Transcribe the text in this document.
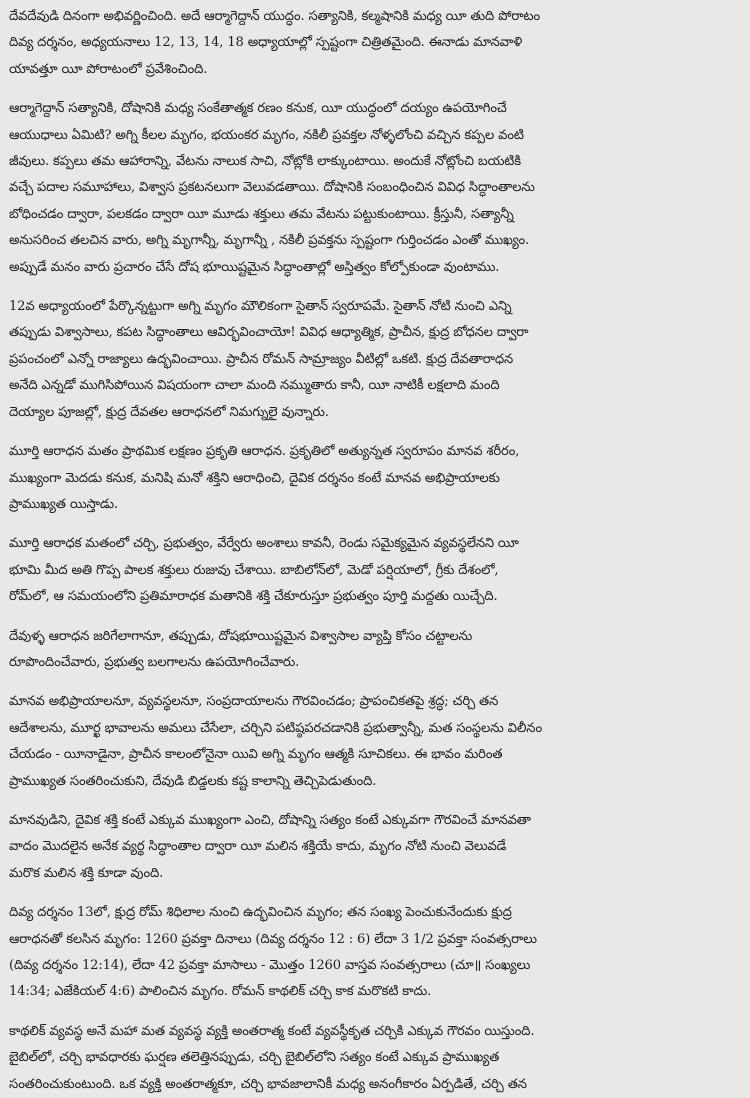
దేవదేవుడి దినంగా అభివర్ణించింది. అదే ఆర్మాగెద్దాన్ యుద్ధం. సత్యానికి, కల్మషానికి మధ్య యీ తుది పోరాటం
దివ్య దర్శనం, అధ్యయనాలు 12, 13, 14, 18 అధ్యాయాల్లో స్పష్టంగా చిత్రితమైంది. ఈనాడు మానవాళి
యావత్తూ యీ పోరాటంలో ప్రవేశించింది.

ఆర్మాగెద్దాన్ సత్యానికి, దోషానికి మధ్య సంకేతాత్మక రణం కనుక, యీ యుద్ధంలో దయ్యం ఉపయోగించే
ఆయుధాలు ఏమిటి? అగ్ని కీలల మృగం, భయంకర మృగం, నకిలీ ప్రవక్తల నోళ్ళలోంచి వచ్చిన కప్పల వంటి
జీవులు. కప్పలు తమ ఆహారాన్ని, వేటను నాలుక సాచి, నోట్లోకి లాక్కుంటాయి. అందుకే నోట్లోంచి బయటికి
వచ్చే పదాల సమూహాలు, విశ్వాస ప్రకటనలుగా వెలువడతాయి. దోషానికి సంబంధించిన వివిధ సిద్ధాంతాలను
బోధించడం ద్వారా, పలకడం ద్వారా యీ మూడు శక్తులు తమ వేటను పట్టుకుంటాయి. క్రీస్తునీ, సత్యాన్నీ
అనుసరించ తలచిన వారు, అగ్ని మృగాన్నీ, మృగాన్నీ , నకిలీ ప్రవక్తను స్పష్టంగా గుర్తించడం ఎంతో ముఖ్యం.
అప్పుడే మనం వారు ప్రచారం చేసే దోష భూయిష్టమైన సిద్ధాంతాల్లో అస్తిత్వం కోల్పోకుండా వుంటాము.

12వ అధ్యాయంలో పేర్కొన్నట్టుగా అగ్ని మృగం మౌలికంగా సైతాన్ స్వరూపమే. సైతాన్ నోటి నుంచి ఎన్ని
తప్పుడు విశ్వాసాలు, కపట సిద్ధాంతాలు ఆవిర్భవించాయో! వివిధ ఆధ్యాత్మిక, ప్రాచీన, క్షుద్ర బోధనల ద్వారా
ప్రపంచంలో ఎన్నో రాజ్యాలు ఉద్భవించాయి. ప్రాచీన రోమన్ సామ్రాజ్యం వీటిల్లో ఒకటి. క్షుద్ర దేవతారాధన
అనేది ఎన్నడో ముగిసిపోయిన విషయంగా చాలా మంది నమ్ముతారు కానీ, యీ నాటికీ లక్షలాది మంది
దెయ్యాల పూజల్లో, క్షుద్ర దేవతల ఆరాధనలో నిమగ్నులై వున్నారు.

మూర్తి ఆరాధన మతం ప్రాథమిక లక్షణం ప్రకృతి ఆరాధన. ప్రకృతిలో అత్యున్నత స్వరూపం మానవ శరీరం,
ముఖ్యంగా మెదడు కనుక, మనిషి మనో శక్తిని ఆరాధించి, దైవిక దర్శనం కంటే మానవ అభిప్రాయాలకు
ప్రాముఖ్యత యిస్తాడు.

మూర్తి ఆరాధక మతంలో చర్చి, ప్రభుత్వం, వేర్వేరు అంశాలు కావనీ, రెండు సమైక్యమైన వ్యవస్థలేనని యీ
భూమి మీద అతి గొప్ప పాలక శక్తులు రుజువు చేశాయి. బాబిలోన్‌లో, మెడో పర్షియాలో, గ్రీకు దేశంలో,
రోమ్‌లో, ఆ సమయంలోని ప్రతిమారాధక మతానికి శక్తి చేకూరుస్తూ ప్రభుత్వం పూర్తి మద్దతు యిచ్చేది.

దేవుళ్ళ ఆరాధన జరిగేలాగానూ, తప్పుడు, దోషభూయిష్టమైన విశ్వాసాల వ్యాప్తి కోసం చట్టాలను
రూపొందించేవారు, ప్రభుత్వ బలగాలను ఉపయోగించేవారు.

మానవ అభిప్రాయాలనూ, వ్యవస్థలనూ, సంప్రదాయాలను గౌరవించడం; ప్రాపంచికతపై శ్రద్ధ; చర్చి తన
ఆదేశాలను, మూర్ఖ భావాలను అమలు చేసేలా, చర్చిని పటిష్ఠపరచడానికి ప్రభుత్వాన్నీ, మత సంస్థలను విలీనం
చేయడం - యీనాడైనా, ప్రాచీన కాలంలోనైనా యివి అగ్ని మృగం ఆత్మకి సూచికలు. ఈ భావం మరింత
ప్రాముఖ్యత సంతరించుకుని, దేవుడి బిడ్డలకు కష్ట కాలాన్ని తెచ్చిపెడుతుంది.

మానవుడిని, దైవిక శక్తి కంటే ఎక్కువ ముఖ్యంగా ఎంచి, దోషాన్ని సత్యం కంటే ఎక్కువగా గౌరవించే మానవతా
వాదం మొదలైన అనేక వ్యర్థ సిద్ధాంతాల ద్వారా యీ మలిన శక్తియే కాదు, మృగం నోటి నుంచి వెలువడే
మరొక మలిన శక్తి కూడా వుంది.

దివ్య దర్శనం 13లో, క్షుద్ర రోమ్ శిధిలాల నుంచి ఉద్భవించిన మృగం; తన సంఖ్య పెంచుకునేందుకు క్షుద్ర
ఆరాధనతో కలసిన మృగం: 1260 ప్రవక్తా దినాలు (దివ్య దర్శనం 12 : 6) లేదా 3 1/2 ప్రవక్తా సంవత్సరాలు
(దివ్య దర్శనం 12:14), లేదా 42 ప్రవక్తా మాసాలు - మొత్తం 1260 వాస్తవ సంవత్సరాలు (చూ॥ సంఖ్యలు
14:34; ఎజేకియల్ 4:6) పాలించిన మృగం. రోమన్ కాథలిక్ చర్చి కాక మరొకటి కాదు.

కాథలిక్ వ్యవస్థ అనే మహా మత వ్యవస్థ వ్యక్తి అంతరాత్మ కంటే వ్యవస్థీకృత చర్చికి ఎక్కువ గౌరవం యిస్తుంది.
బైబిల్‌లో, చర్చి భావధారకు ఘర్షణ తలెత్తినప్పుడు, చర్చి బైబిల్‌లోని సత్యం కంటే ఎక్కువ ప్రాముఖ్యత
సంతరించుకుంటుంది. ఒక వ్యక్తి అంతరాత్మకూ, చర్చి భావజాలానికీ మధ్య అనంగీకారం ఏర్పడితే, చర్చి తన
